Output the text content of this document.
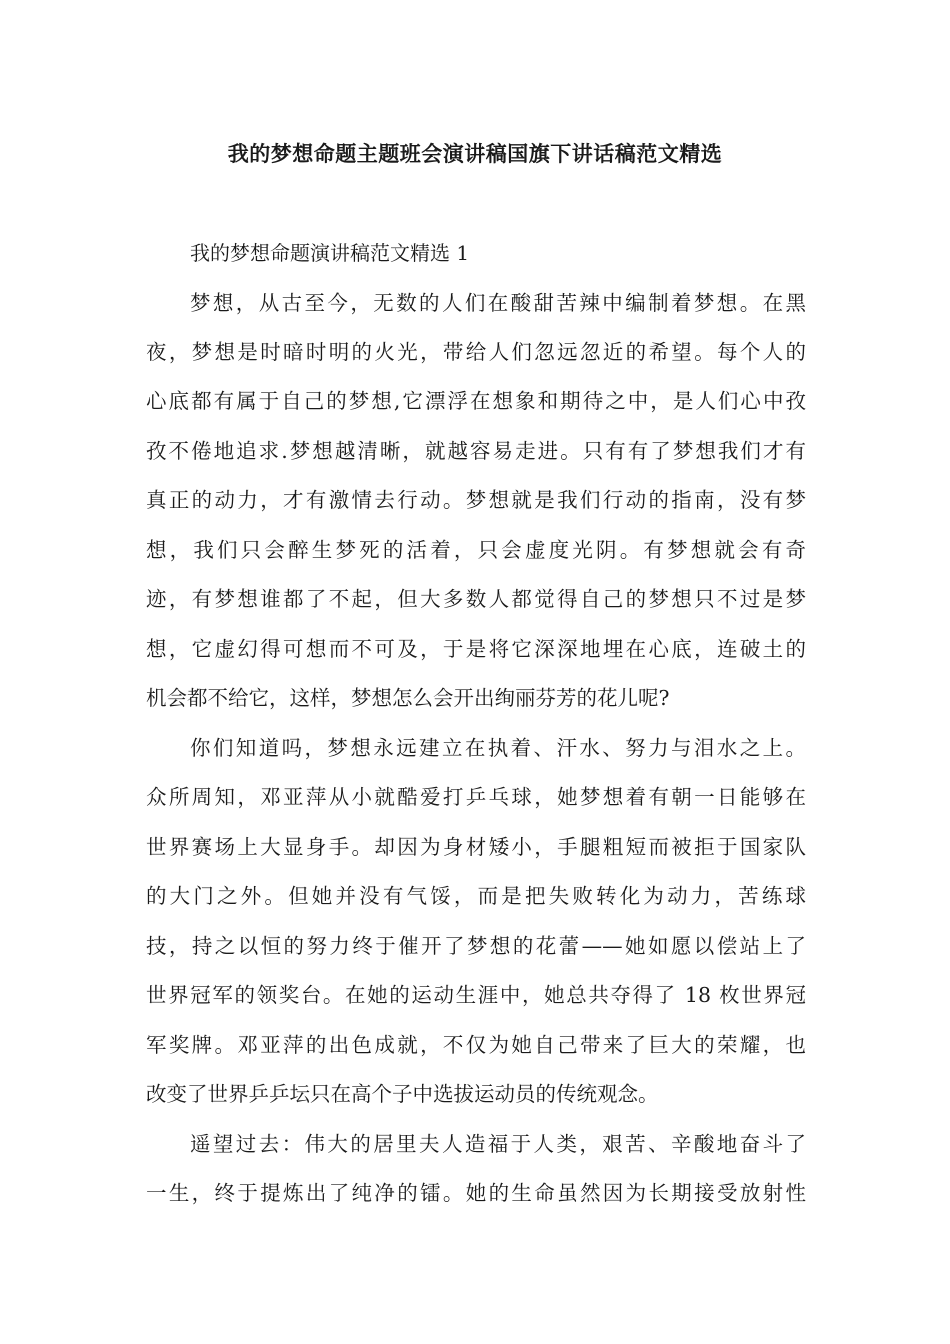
我的梦想命题主题班会演讲稿国旗下讲话稿范文精选

我的梦想命题演讲稿范文精选 1

梦想，从古至今，无数的人们在酸甜苦辣中编制着梦想。在黑

夜，梦想是时暗时明的火光，带给人们忽远忽近的希望。每个人的

心底都有属于自己的梦想,它漂浮在想象和期待之中，是人们心中孜

孜不倦地追求.梦想越清晰，就越容易走进。只有有了梦想我们才有

真正的动力，才有激情去行动。梦想就是我们行动的指南，没有梦

想，我们只会醉生梦死的活着，只会虚度光阴。有梦想就会有奇

迹，有梦想谁都了不起，但大多数人都觉得自己的梦想只不过是梦

想，它虚幻得可想而不可及，于是将它深深地埋在心底，连破土的

机会都不给它，这样，梦想怎么会开出绚丽芬芳的花儿呢?

你们知道吗，梦想永远建立在执着、汗水、努力与泪水之上。

众所周知，邓亚萍从小就酷爱打乒乓球，她梦想着有朝一日能够在

世界赛场上大显身手。却因为身材矮小，手腿粗短而被拒于国家队

的大门之外。但她并没有气馁，而是把失败转化为动力，苦练球

技，持之以恒的努力终于催开了梦想的花蕾——她如愿以偿站上了

世界冠军的领奖台。在她的运动生涯中，她总共夺得了 18 枚世界冠

军奖牌。邓亚萍的出色成就，不仅为她自己带来了巨大的荣耀，也

改变了世界乒乒坛只在高个子中选拔运动员的传统观念。

遥望过去：伟大的居里夫人造福于人类，艰苦、辛酸地奋斗了

一生，终于提炼出了纯净的镭。她的生命虽然因为长期接受放射性
